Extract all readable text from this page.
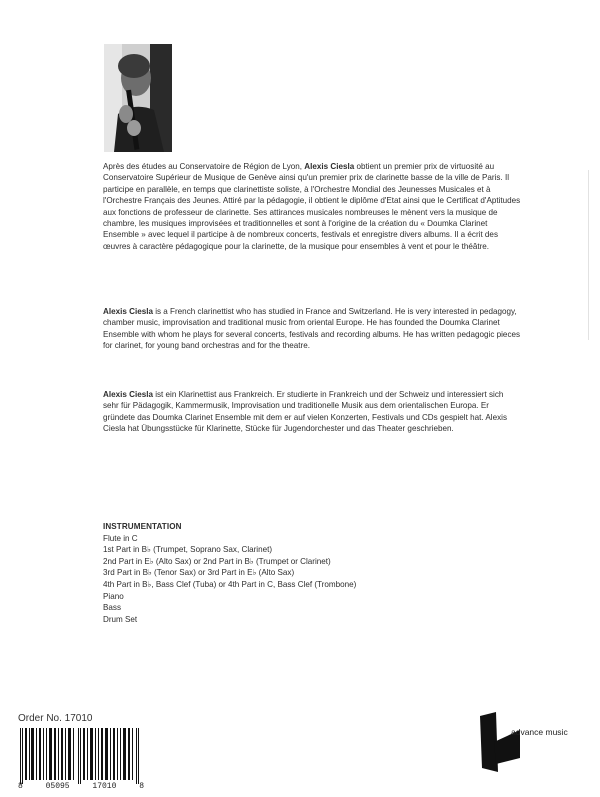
Après des études au Conservatoire de Région de Lyon, Alexis Ciesla obtient un premier prix de virtuosité au Conservatoire Supérieur de Musique de Genève ainsi qu'un premier prix de clarinette basse de la ville de Paris. Il participe en parallèle, en temps que clarinettiste soliste, à l'Orchestre Mondial des Jeunesses Musicales et à l'Orchestre Français des Jeunes. Attiré par la pédagogie, il obtient le diplôme d'Etat ainsi que le Certificat d'Aptitudes aux fonctions de professeur de clarinette. Ses attirances musicales nombreuses le mènent vers la musique de chambre, les musiques improvisées et traditionnelles et sont à l'origine de la création du « Doumka Clarinet Ensemble » avec lequel il participe à de nombreux concerts, festivals et enregistre divers albums. Il a écrit des œuvres à caractère pédagogique pour la clarinette, de la musique pour ensembles à vent et pour le théâtre.

Alexis Ciesla is a French clarinettist who has studied in France and Switzerland. He is very interested in pedagogy, chamber music, improvisation and traditional music from oriental Europe. He has founded the Doumka Clarinet Ensemble with whom he plays for several concerts, festivals and recording albums. He has written pedagogic pieces for clarinet, for young band orchestras and for the theatre.

Alexis Ciesla ist ein Klarinettist aus Frankreich. Er studierte in Frankreich und der Schweiz und interessiert sich sehr für Pädagogik, Kammermusik, Improvisation und traditionelle Musik aus dem orientalischen Europa. Er gründete das Doumka Clarinet Ensemble mit dem er auf vielen Konzerten, Festivals und CDs gespielt hat. Alexis Ciesla hat Übungsstücke für Klarinette, Stücke für Jugendorchester und das Theater geschrieben.

INSTRUMENTATION
Flute in C
1st Part in B♭ (Trumpet, Soprano Sax, Clarinet)
2nd Part in E♭ (Alto Sax) or 2nd Part in B♭ (Trumpet or Clarinet)
3rd Part in B♭ (Tenor Sax) or 3rd Part in E♭ (Alto Sax)
4th Part in B♭, Bass Clef (Tuba) or 4th Part in C, Bass Clef (Trombone)
Piano
Bass
Drum Set
Order No. 17010
8	05095	17010	8
advance music
